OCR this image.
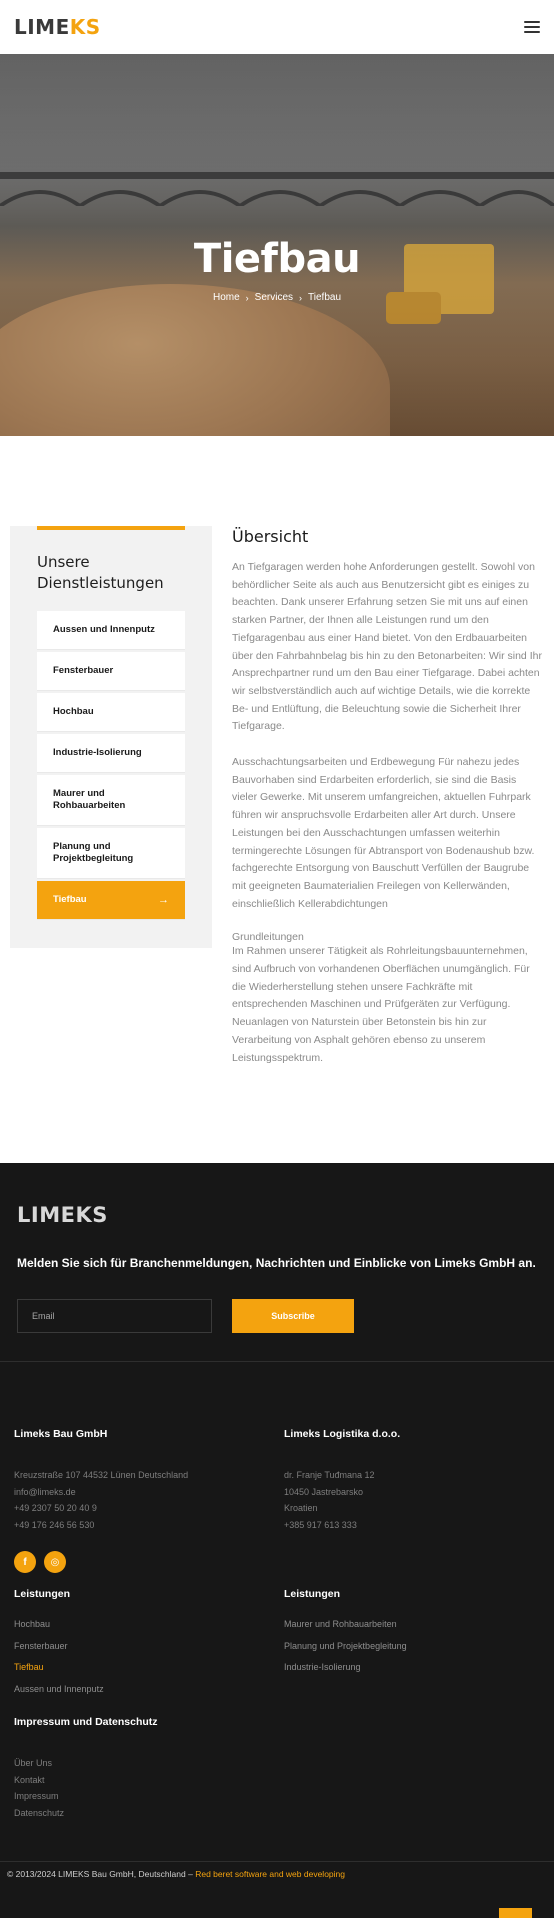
LIMEKS
Tiefbau
Home › Services › Tiefbau
Unsere Dienstleistungen
Aussen und Innenputz
Fensterbauer
Hochbau
Industrie-Isolierung
Maurer und Rohbauarbeiten
Planung und Projektbegleitung
Tiefbau	→
Übersicht

An Tiefgaragen werden hohe Anforderungen gestellt. Sowohl von behördlicher Seite als auch aus Benutzersicht gibt es einiges zu beachten. Dank unserer Erfahrung setzen Sie mit uns auf einen starken Partner, der Ihnen alle Leistungen rund um den Tiefgaragenbau aus einer Hand bietet. Von den Erdbauarbeiten über den Fahrbahnbelag bis hin zu den Betonarbeiten: Wir sind Ihr Ansprechpartner rund um den Bau einer Tiefgarage. Dabei achten wir selbstverständlich auch auf wichtige Details, wie die korrekte Be- und Entlüftung, die Beleuchtung sowie die Sicherheit Ihrer Tiefgarage.

Ausschachtungsarbeiten und Erdbewegung Für nahezu jedes Bauvorhaben sind Erdarbeiten erforderlich, sie sind die Basis vieler Gewerke. Mit unserem umfangreichen, aktuellen Fuhrpark führen wir anspruchsvolle Erdarbeiten aller Art durch. Unsere Leistungen bei den Ausschachtungen umfassen weiterhin termingerechte Lösungen für Abtransport von Bodenaushub bzw. fachgerechte Entsorgung von Bauschutt Verfüllen der Baugrube mit geeigneten Baumaterialien Freilegen von Kellerwänden, einschließlich Kellerabdichtungen

Grundleitungen

Im Rahmen unserer Tätigkeit als Rohrleitungsbauunternehmen, sind Aufbruch von vorhandenen Oberflächen unumgänglich. Für die Wiederherstellung stehen unsere Fachkräfte mit entsprechenden Maschinen und Prüfgeräten zur Verfügung. Neuanlagen von Naturstein über Betonstein bis hin zur Verarbeitung von Asphalt gehören ebenso zu unserem Leistungsspektrum.

LIMEKS
Melden Sie sich für Branchenmeldungen, Nachrichten und Einblicke von Limeks GmbH an.
Email
Subscribe
Limeks Bau GmbH
Kreuzstraße 107 44532 Lünen Deutschland
info@limeks.de
+49 2307 50 20 40 9
+49 176 246 56 530
f	◎
Limeks Logistika d.o.o.
dr. Franje Tuđmana 12
10450 Jastrebarsko
Kroatien
+385 917 613 333
Leistungen
Hochbau
Fensterbauer
Tiefbau
Aussen und Innenputz
Leistungen
Maurer und Rohbauarbeiten
Planung und Projektbegleitung
Industrie-Isolierung
Impressum und Datenschutz
Über Uns
Kontakt
Impressum
Datenschutz
© 2013/2024 LIMEKS Bau GmbH, Deutschland – Red beret software and web developing
